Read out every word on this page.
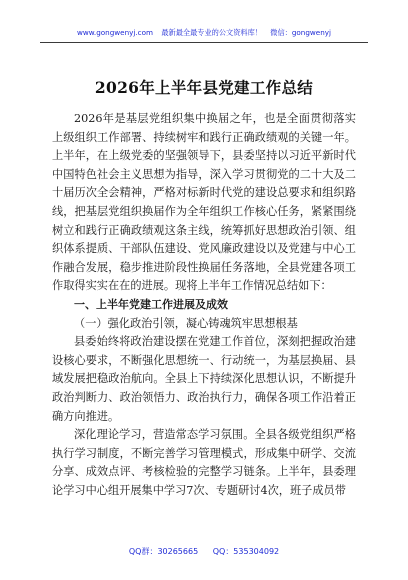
www.gongwenyj.com 最新最全最专业的公文资料库！ 微信：gongwenyj
2026年上半年县党建工作总结

2026年是基层党组织集中换届之年，也是全面贯彻落实上级组织工作部署、持续树牢和践行正确政绩观的关键一年。上半年，在上级党委的坚强领导下，县委坚持以习近平新时代中国特色社会主义思想为指导，深入学习贯彻党的二十大及二十届历次全会精神，严格对标新时代党的建设总要求和组织路线，把基层党组织换届作为全年组织工作核心任务，紧紧围绕树立和践行正确政绩观这条主线，统筹抓好思想政治引领、组织体系提质、干部队伍建设、党风廉政建设以及党建与中心工作融合发展，稳步推进阶段性换届任务落地，全县党建各项工作取得实实在在的进展。现将上半年工作情况总结如下：

一、上半年党建工作进展及成效

（一）强化政治引领，凝心铸魂筑牢思想根基

县委始终将政治建设摆在党建工作首位，深刻把握政治建设核心要求，不断强化思想统一、行动统一，为基层换届、县域发展把稳政治航向。全县上下持续深化思想认识，不断提升政治判断力、政治领悟力、政治执行力，确保各项工作沿着正确方向推进。

深化理论学习，营造常态学习氛围。全县各级党组织严格执行学习制度，不断完善学习管理模式，形成集中研学、交流分享、成效点评、考核检验的完整学习链条。上半年，县委理论学习中心组开展集中学习7次、专题研讨4次，班子成员带

QQ群：30265665 QQ：535304092
